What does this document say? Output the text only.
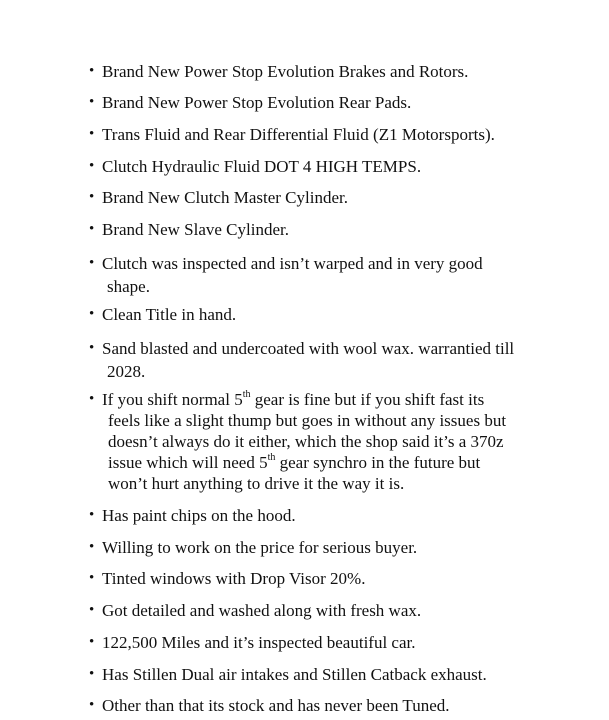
• Brand New Power Stop Evolution Brakes and Rotors.
• Brand New Power Stop Evolution Rear Pads.
• Trans Fluid and Rear Differential Fluid (Z1 Motorsports).
• Clutch Hydraulic Fluid DOT 4 HIGH TEMPS.
• Brand New Clutch Master Cylinder.
• Brand New Slave Cylinder.
• Clutch was inspected and isn’t warped and in very good
shape.
• Clean Title in hand.
• Sand blasted and undercoated with wool wax. warrantied till
2028.
• If you shift normal 5th gear is fine but if you shift fast its
feels like a slight thump but goes in without any issues but
doesn’t always do it either, which the shop said it’s a 370z
issue which will need 5th gear synchro in the future but
won’t hurt anything to drive it the way it is.
• Has paint chips on the hood.
• Willing to work on the price for serious buyer.
• Tinted windows with Drop Visor 20%.
• Got detailed and washed along with fresh wax.
• 122,500 Miles and it’s inspected beautiful car.
• Has Stillen Dual air intakes and Stillen Catback exhaust.
• Other than that its stock and has never been Tuned.
